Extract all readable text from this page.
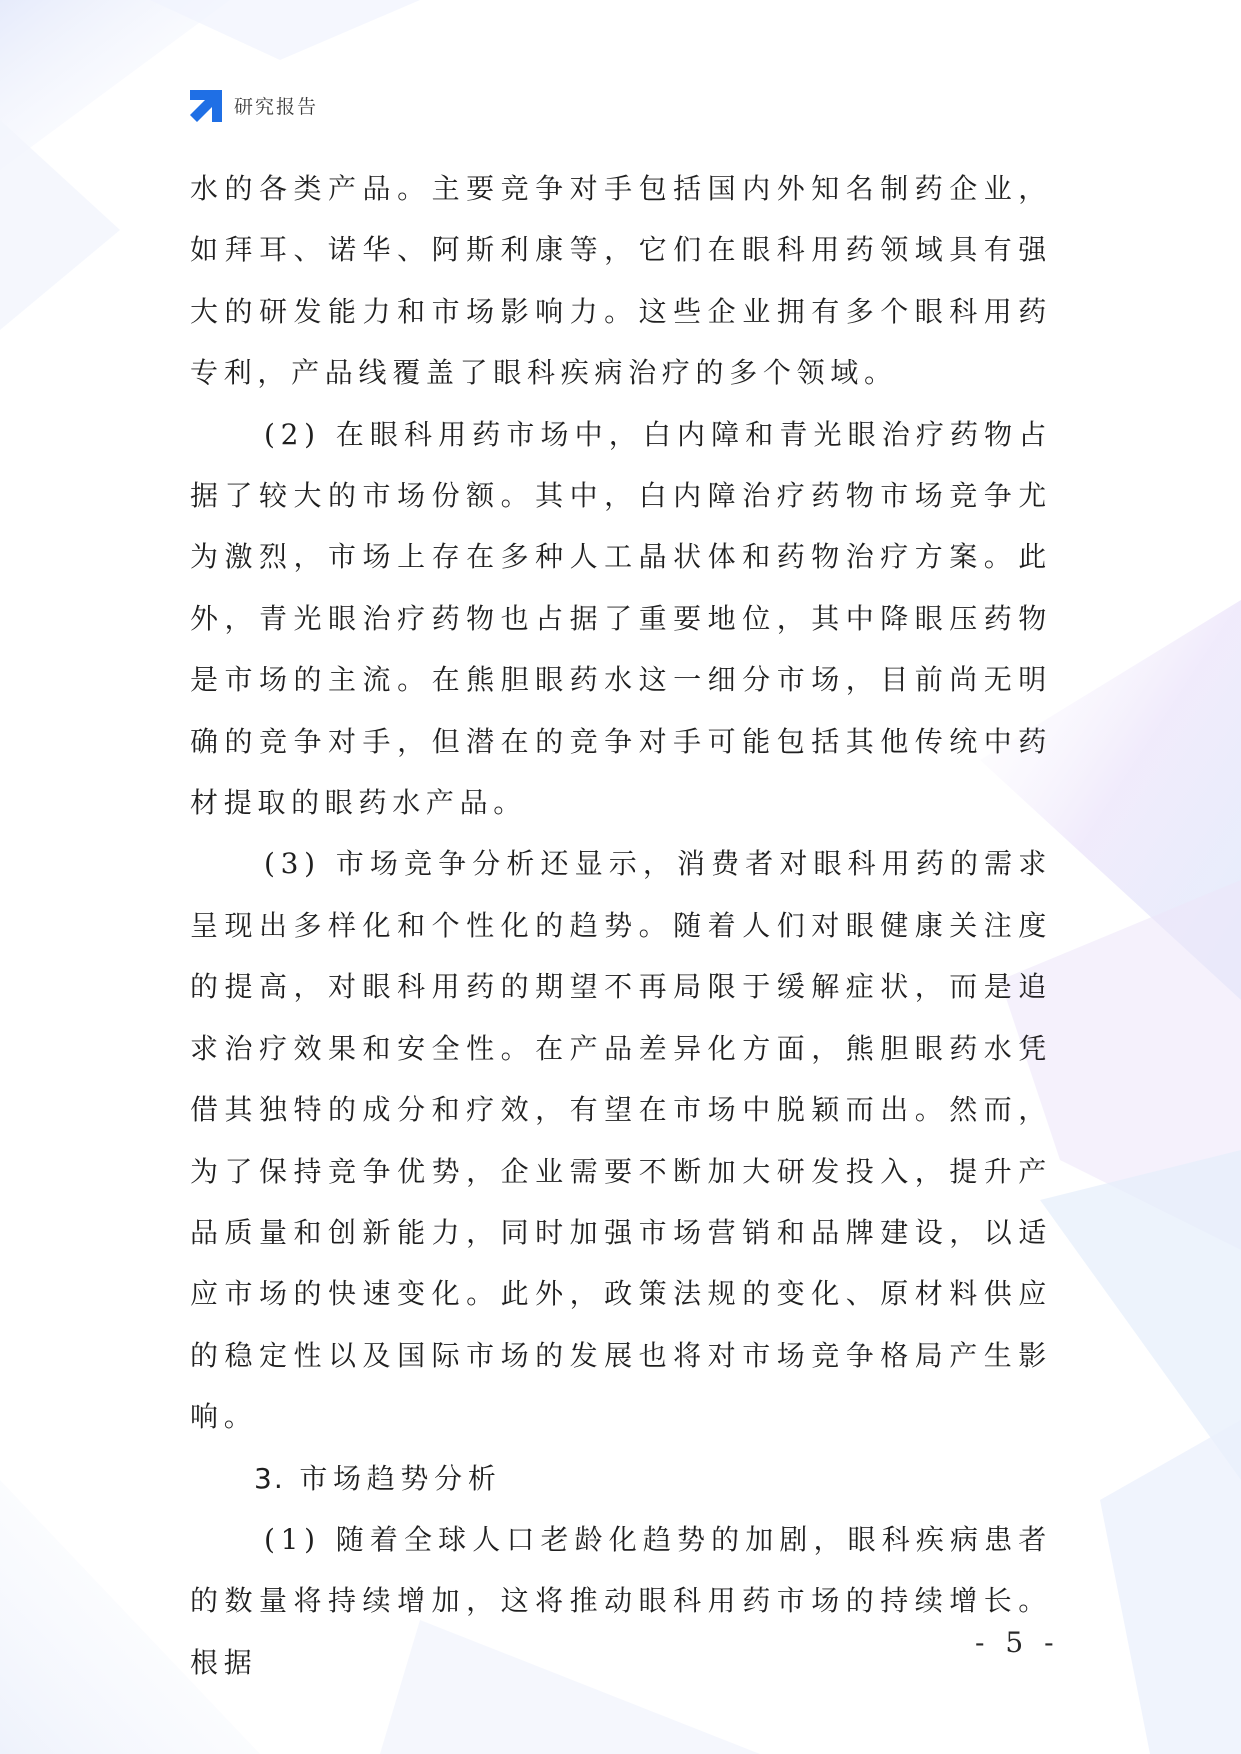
研究报告

水的各类产品。主要竞争对手包括国内外知名制药企业，如拜耳、诺华、阿斯利康等，它们在眼科用药领域具有强大的研发能力和市场影响力。这些企业拥有多个眼科用药专利，产品线覆盖了眼科疾病治疗的多个领域。

(2) 在眼科用药市场中，白内障和青光眼治疗药物占据了较大的市场份额。其中，白内障治疗药物市场竞争尤为激烈，市场上存在多种人工晶状体和药物治疗方案。此外，青光眼治疗药物也占据了重要地位，其中降眼压药物是市场的主流。在熊胆眼药水这一细分市场，目前尚无明确的竞争对手，但潜在的竞争对手可能包括其他传统中药材提取的眼药水产品。

(3) 市场竞争分析还显示，消费者对眼科用药的需求呈现出多样化和个性化的趋势。随着人们对眼健康关注度的提高，对眼科用药的期望不再局限于缓解症状，而是追求治疗效果和安全性。在产品差异化方面，熊胆眼药水凭借其独特的成分和疗效，有望在市场中脱颖而出。然而，为了保持竞争优势，企业需要不断加大研发投入，提升产品质量和创新能力，同时加强市场营销和品牌建设，以适应市场的快速变化。此外，政策法规的变化、原材料供应的稳定性以及国际市场的发展也将对市场竞争格局产生影响。

3. 市场趋势分析

(1) 随着全球人口老龄化趋势的加剧，眼科疾病患者的数量将持续增加，这将推动眼科用药市场的持续增长。根据

- 5 -
